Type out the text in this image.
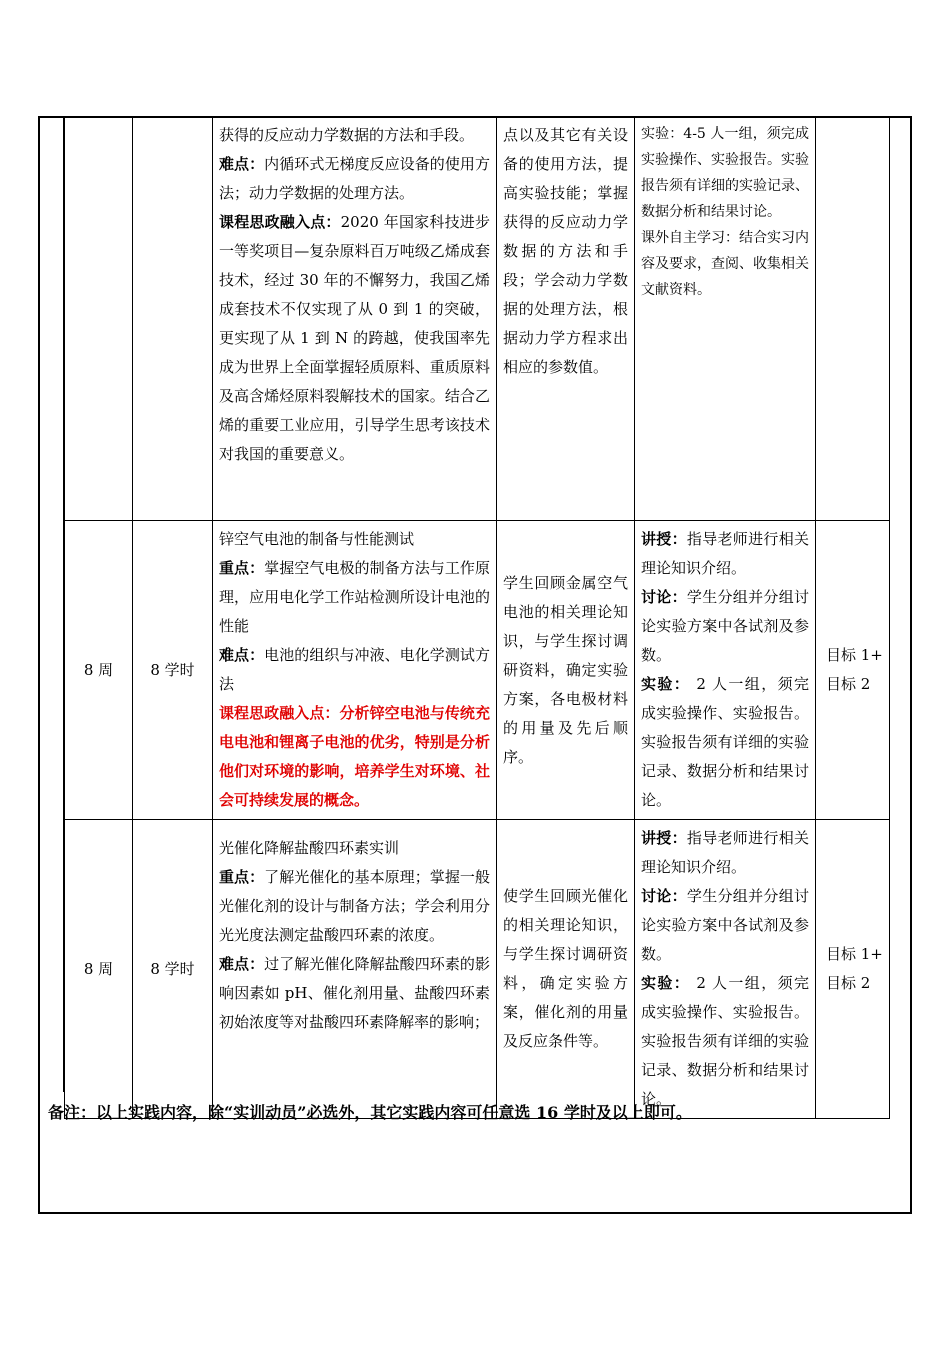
		获得的反应动力学数据的方法和手段。
难点：内循环式无梯度反应设备的使用方法；动力学数据的处理方法。
课程思政融入点：2020 年国家科技进步一等奖项目—复杂原料百万吨级乙烯成套技术，经过 30 年的不懈努力，我国乙烯成套技术不仅实现了从 0 到 1 的突破，更实现了从 1 到 N 的跨越，使我国率先成为世界上全面掌握轻质原料、重质原料及高含烯烃原料裂解技术的国家。结合乙烯的重要工业应用，引导学生思考该技术对我国的重要意义。	点以及其它有关设备的使用方法，提高实验技能；掌握获得的反应动力学数据的方法和手段；学会动力学数据的处理方法，根据动力学方程求出相应的参数值。	实验：4-5 人一组，须完成实验操作、实验报告。实验报告须有详细的实验记录、数据分析和结果讨论。
课外自主学习：结合实习内容及要求，查阅、收集相关文献资料。	

8 周	8 学时	锌空气电池的制备与性能测试
重点：掌握空气电极的制备方法与工作原理，应用电化学工作站检测所设计电池的性能
难点：电池的组织与冲液、电化学测试方法
课程思政融入点：分析锌空电池与传统充电电池和锂离子电池的优劣，特别是分析他们对环境的影响，培养学生对环境、社会可持续发展的概念。	学生回顾金属空气电池的相关理论知识，与学生探讨调研资料，确定实验方案，各电极材料的用量及先后顺序。	讲授：指导老师进行相关理论知识介绍。
讨论：学生分组并分组讨论实验方案中各试剂及参数。
实验： 2 人一组，须完成实验操作、实验报告。实验报告须有详细的实验记录、数据分析和结果讨论。	目标 1+
目标 2
8 周	8 学时	光催化降解盐酸四环素实训
重点：了解光催化的基本原理；掌握一般光催化剂的设计与制备方法；学会利用分光光度法测定盐酸四环素的浓度。
难点：过了解光催化降解盐酸四环素的影响因素如 pH、催化剂用量、盐酸四环素初始浓度等对盐酸四环素降解率的影响；	使学生回顾光催化的相关理论知识，与学生探讨调研资料，确定实验方案，催化剂的用量及反应条件等。	讲授：指导老师进行相关理论知识介绍。
讨论：学生分组并分组讨论实验方案中各试剂及参数。
实验： 2 人一组，须完成实验操作、实验报告。实验报告须有详细的实验记录、数据分析和结果讨论。	目标 1+
目标 2
备注：以上实践内容，除“实训动员”必选外，其它实践内容可任意选 16 学时及以上即可。
